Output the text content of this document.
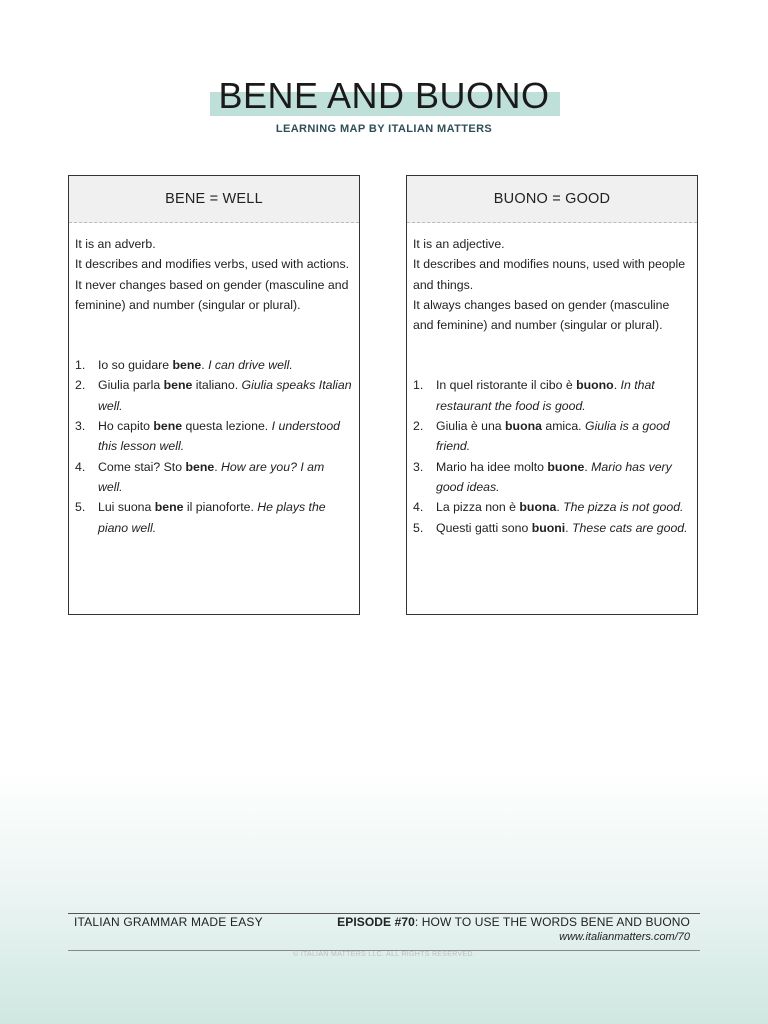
BENE AND BUONO
LEARNING MAP BY ITALIAN MATTERS
BENE = WELL
It is an adverb.
It describes and modifies verbs, used with actions.
It never changes based on gender (masculine and feminine) and number (singular or plural).
1. Io so guidare bene. I can drive well.
2. Giulia parla bene italiano. Giulia speaks Italian well.
3. Ho capito bene questa lezione. I understood this lesson well.
4. Come stai? Sto bene. How are you? I am well.
5. Lui suona bene il pianoforte. He plays the piano well.
BUONO = GOOD
It is an adjective.
It describes and modifies nouns, used with people and things.
It always changes based on gender (masculine and feminine) and number (singular or plural).
1. In quel ristorante il cibo è buono. In that restaurant the food is good.
2. Giulia è una buona amica. Giulia is a good friend.
3. Mario ha idee molto buone. Mario has very good ideas.
4. La pizza non è buona. The pizza is not good.
5. Questi gatti sono buoni. These cats are good.
ITALIAN GRAMMAR MADE EASY	EPISODE #70: HOW TO USE THE WORDS BENE AND BUONO
www.italianmatters.com/70
© ITALIAN MATTERS LLC. ALL RIGHTS RESERVED.
